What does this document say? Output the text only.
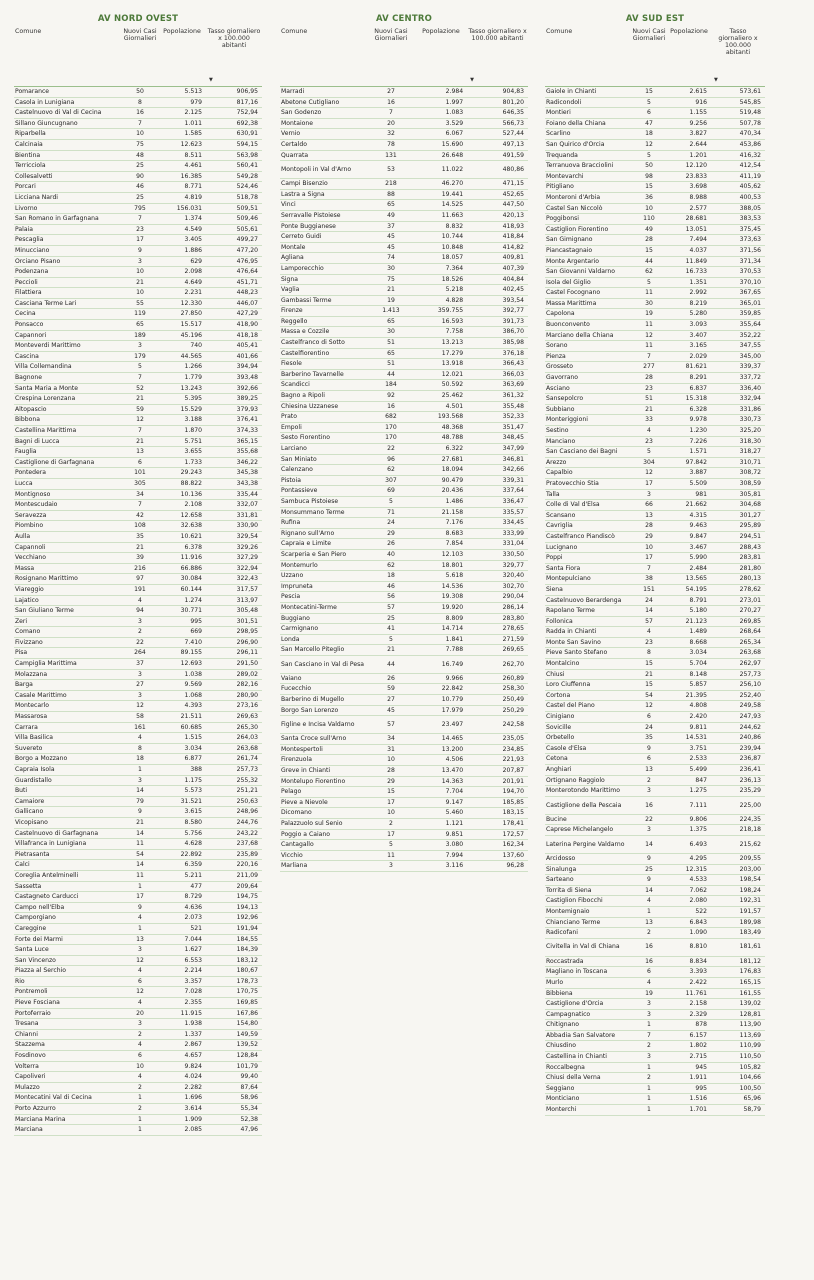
AV NORD OVEST
Comune	Nuovi Casi Giornalieri	Popolazione	Tasso giornaliero x 100.000 abitanti
▼

Pomarance	50	5.513	906,95
Casola in Lunigiana	8	979	817,16
Castelnuovo di Val di Cecina	16	2.125	752,94
Sillano Giuncugnano	7	1.011	692,38
Riparbella	10	1.585	630,91
Calcinaia	75	12.623	594,15
Bientina	48	8.511	563,98
Terricciola	25	4.461	560,41
Collesalvetti	90	16.385	549,28
Porcari	46	8.771	524,46
Licciana Nardi	25	4.819	518,78
Livorno	795	156.031	509,51
San Romano in Garfagnana	7	1.374	509,46
Palaia	23	4.549	505,61
Pescaglia	17	3.405	499,27
Minucciano	9	1.886	477,20
Orciano Pisano	3	629	476,95
Podenzana	10	2.098	476,64
Peccioli	21	4.649	451,71
Filattiera	10	2.231	448,23
Casciana Terme Lari	55	12.330	446,07
Cecina	119	27.850	427,29
Ponsacco	65	15.517	418,90
Capannori	189	45.196	418,18
Monteverdi Marittimo	3	740	405,41
Cascina	179	44.565	401,66
Villa Collemandina	5	1.266	394,94
Bagnone	7	1.779	393,48
Santa Maria a Monte	52	13.243	392,66
Crespina Lorenzana	21	5.395	389,25
Altopascio	59	15.529	379,93
Bibbona	12	3.188	376,41
Castellina Marittima	7	1.870	374,33
Bagni di Lucca	21	5.751	365,15
Fauglia	13	3.655	355,68
Castiglione di Garfagnana	6	1.733	346,22
Pontedera	101	29.243	345,38
Lucca	305	88.822	343,38
Montignoso	34	10.136	335,44
Montescudaio	7	2.108	332,07
Seravezza	42	12.658	331,81
Piombino	108	32.638	330,90
Aulla	35	10.621	329,54
Capannoli	21	6.378	329,26
Vecchiano	39	11.916	327,29
Massa	216	66.886	322,94
Rosignano Marittimo	97	30.084	322,43
Viareggio	191	60.144	317,57
Lajatico	4	1.274	313,97
San Giuliano Terme	94	30.771	305,48
Zeri	3	995	301,51
Comano	2	669	298,95
Fivizzano	22	7.410	296,90
Pisa	264	89.155	296,11
Campiglia Marittima	37	12.693	291,50
Molazzana	3	1.038	289,02
Barga	27	9.569	282,16
Casale Marittimo	3	1.068	280,90
Montecarlo	12	4.393	273,16
Massarosa	58	21.511	269,63
Carrara	161	60.685	265,30
Villa Basilica	4	1.515	264,03
Suvereto	8	3.034	263,68
Borgo a Mozzano	18	6.877	261,74
Capraia Isola	1	388	257,73
Guardistallo	3	1.175	255,32
Buti	14	5.573	251,21
Camaiore	79	31.521	250,63
Gallicano	9	3.615	248,96
Vicopisano	21	8.580	244,76
Castelnuovo di Garfagnana	14	5.756	243,22
Villafranca in Lunigiana	11	4.628	237,68
Pietrasanta	54	22.892	235,89
Calci	14	6.359	220,16
Coreglia Antelminelli	11	5.211	211,09
Sassetta	1	477	209,64
Castagneto Carducci	17	8.729	194,75
Campo nell'Elba	9	4.636	194,13
Camporgiano	4	2.073	192,96
Careggine	1	521	191,94
Forte dei Marmi	13	7.044	184,55
Santa Luce	3	1.627	184,39
San Vincenzo	12	6.553	183,12
Piazza al Serchio	4	2.214	180,67
Rio	6	3.357	178,73
Pontremoli	12	7.028	170,75
Pieve Fosciana	4	2.355	169,85
Portoferraio	20	11.915	167,86
Tresana	3	1.938	154,80
Chianni	2	1.337	149,59
Stazzema	4	2.867	139,52
Fosdinovo	6	4.657	128,84
Volterra	10	9.824	101,79
Capoliveri	4	4.024	99,40
Mulazzo	2	2.282	87,64
Montecatini Val di Cecina	1	1.696	58,96
Porto Azzurro	2	3.614	55,34
Marciana Marina	1	1.909	52,38
Marciana	1	2.085	47,96
AV CENTRO
Comune	Nuovi Casi Giornalieri	Popolazione	Tasso giornaliero x 100.000 abitanti
▼

Marradi	27	2.984	904,83
Abetone Cutigliano	16	1.997	801,20
San Godenzo	7	1.083	646,35
Montaione	20	3.529	566,73
Vernio	32	6.067	527,44
Certaldo	78	15.690	497,13
Quarrata	131	26.648	491,59
Montopoli in Val d'Arno	53	11.022	480,86
Campi Bisenzio	218	46.270	471,15
Lastra a Signa	88	19.441	452,65
Vinci	65	14.525	447,50
Serravalle Pistoiese	49	11.663	420,13
Ponte Buggianese	37	8.832	418,93
Cerreto Guidi	45	10.744	418,84
Montale	45	10.848	414,82
Agliana	74	18.057	409,81
Lamporecchio	30	7.364	407,39
Signa	75	18.526	404,84
Vaglia	21	5.218	402,45
Gambassi Terme	19	4.828	393,54
Firenze	1.413	359.755	392,77
Reggello	65	16.593	391,73
Massa e Cozzile	30	7.758	386,70
Castelfranco di Sotto	51	13.213	385,98
Castelfiorentino	65	17.279	376,18
Fiesole	51	13.918	366,43
Barberino Tavarnelle	44	12.021	366,03
Scandicci	184	50.592	363,69
Bagno a Ripoli	92	25.462	361,32
Chiesina Uzzanese	16	4.501	355,48
Prato	682	193.568	352,33
Empoli	170	48.368	351,47
Sesto Fiorentino	170	48.788	348,45
Larciano	22	6.322	347,99
San Miniato	96	27.681	346,81
Calenzano	62	18.094	342,66
Pistoia	307	90.479	339,31
Pontassieve	69	20.436	337,64
Sambuca Pistoiese	5	1.486	336,47
Monsummano Terme	71	21.158	335,57
Rufina	24	7.176	334,45
Rignano sull'Arno	29	8.683	333,99
Capraia e Limite	26	7.854	331,04
Scarperia e San Piero	40	12.103	330,50
Montemurlo	62	18.801	329,77
Uzzano	18	5.618	320,40
Impruneta	46	14.536	302,70
Pescia	56	19.308	290,04
Montecatini-Terme	57	19.920	286,14
Buggiano	25	8.809	283,80
Carmignano	41	14.714	278,65
Londa	5	1.841	271,59
San Marcello Piteglio	21	7.788	269,65
San Casciano in Val di Pesa	44	16.749	262,70
Vaiano	26	9.966	260,89
Fucecchio	59	22.842	258,30
Barberino di Mugello	27	10.779	250,49
Borgo San Lorenzo	45	17.979	250,29
Figline e Incisa Valdarno	57	23.497	242,58
Santa Croce sull'Arno	34	14.465	235,05
Montespertoli	31	13.200	234,85
Firenzuola	10	4.506	221,93
Greve in Chianti	28	13.470	207,87
Montelupo Fiorentino	29	14.363	201,91
Pelago	15	7.704	194,70
Pieve a Nievole	17	9.147	185,85
Dicomano	10	5.460	183,15
Palazzuolo sul Senio	2	1.121	178,41
Poggio a Caiano	17	9.851	172,57
Cantagallo	5	3.080	162,34
Vicchio	11	7.994	137,60
Marliana	3	3.116	96,28
AV SUD EST
Comune	Nuovi Casi Giornalieri	Popolazione	Tasso giornaliero x 100.000 abitanti
▼

Gaiole in Chianti	15	2.615	573,61
Radicondoli	5	916	545,85
Montieri	6	1.155	519,48
Foiano della Chiana	47	9.256	507,78
Scarlino	18	3.827	470,34
San Quirico d'Orcia	12	2.644	453,86
Trequanda	5	1.201	416,32
Terranuova Bracciolini	50	12.120	412,54
Montevarchi	98	23.833	411,19
Pitigliano	15	3.698	405,62
Monteroni d'Arbia	36	8.988	400,53
Castel San Niccolò	10	2.577	388,05
Poggibonsi	110	28.681	383,53
Castiglion Fiorentino	49	13.051	375,45
San Gimignano	28	7.494	373,63
Piancastagnaio	15	4.037	371,56
Monte Argentario	44	11.849	371,34
San Giovanni Valdarno	62	16.733	370,53
Isola del Giglio	5	1.351	370,10
Castel Focognano	11	2.992	367,65
Massa Marittima	30	8.219	365,01
Capolona	19	5.280	359,85
Buonconvento	11	3.093	355,64
Marciano della Chiana	12	3.407	352,22
Sorano	11	3.165	347,55
Pienza	7	2.029	345,00
Grosseto	277	81.621	339,37
Gavorrano	28	8.291	337,72
Asciano	23	6.837	336,40
Sansepolcro	51	15.318	332,94
Subbiano	21	6.328	331,86
Monteriggioni	33	9.978	330,73
Sestino	4	1.230	325,20
Manciano	23	7.226	318,30
San Casciano dei Bagni	5	1.571	318,27
Arezzo	304	97.842	310,71
Capalbio	12	3.887	308,72
Pratovecchio Stia	17	5.509	308,59
Talla	3	981	305,81
Colle di Val d'Elsa	66	21.662	304,68
Scansano	13	4.315	301,27
Cavriglia	28	9.463	295,89
Castelfranco Piandiscò	29	9.847	294,51
Lucignano	10	3.467	288,43
Poppi	17	5.990	283,81
Santa Fiora	7	2.484	281,80
Montepulciano	38	13.565	280,13
Siena	151	54.195	278,62
Castelnuovo Berardenga	24	8.791	273,01
Rapolano Terme	14	5.180	270,27
Follonica	57	21.123	269,85
Radda in Chianti	4	1.489	268,64
Monte San Savino	23	8.668	265,34
Pieve Santo Stefano	8	3.034	263,68
Montalcino	15	5.704	262,97
Chiusi	21	8.148	257,73
Loro Ciuffenna	15	5.857	256,10
Cortona	54	21.395	252,40
Castel del Piano	12	4.808	249,58
Cinigiano	6	2.420	247,93
Sovicille	24	9.811	244,62
Orbetello	35	14.531	240,86
Casole d'Elsa	9	3.751	239,94
Cetona	6	2.533	236,87
Anghiari	13	5.499	236,41
Ortignano Raggiolo	2	847	236,13
Monterotondo Marittimo	3	1.275	235,29
Castiglione della Pescaia	16	7.111	225,00
Bucine	22	9.806	224,35
Caprese Michelangelo	3	1.375	218,18
Laterina Pergine Valdarno	14	6.493	215,62
Arcidosso	9	4.295	209,55
Sinalunga	25	12.315	203,00
Sarteano	9	4.533	198,54
Torrita di Siena	14	7.062	198,24
Castiglion Fibocchi	4	2.080	192,31
Montemignaio	1	522	191,57
Chianciano Terme	13	6.843	189,98
Radicofani	2	1.090	183,49
Civitella in Val di Chiana	16	8.810	181,61
Roccastrada	16	8.834	181,12
Magliano in Toscana	6	3.393	176,83
Murlo	4	2.422	165,15
Bibbiena	19	11.761	161,55
Castiglione d'Orcia	3	2.158	139,02
Campagnatico	3	2.329	128,81
Chitignano	1	878	113,90
Abbadia San Salvatore	7	6.157	113,69
Chiusdino	2	1.802	110,99
Castellina in Chianti	3	2.715	110,50
Roccalbegna	1	945	105,82
Chiusi della Verna	2	1.911	104,66
Seggiano	1	995	100,50
Monticiano	1	1.516	65,96
Monterchi	1	1.701	58,79
